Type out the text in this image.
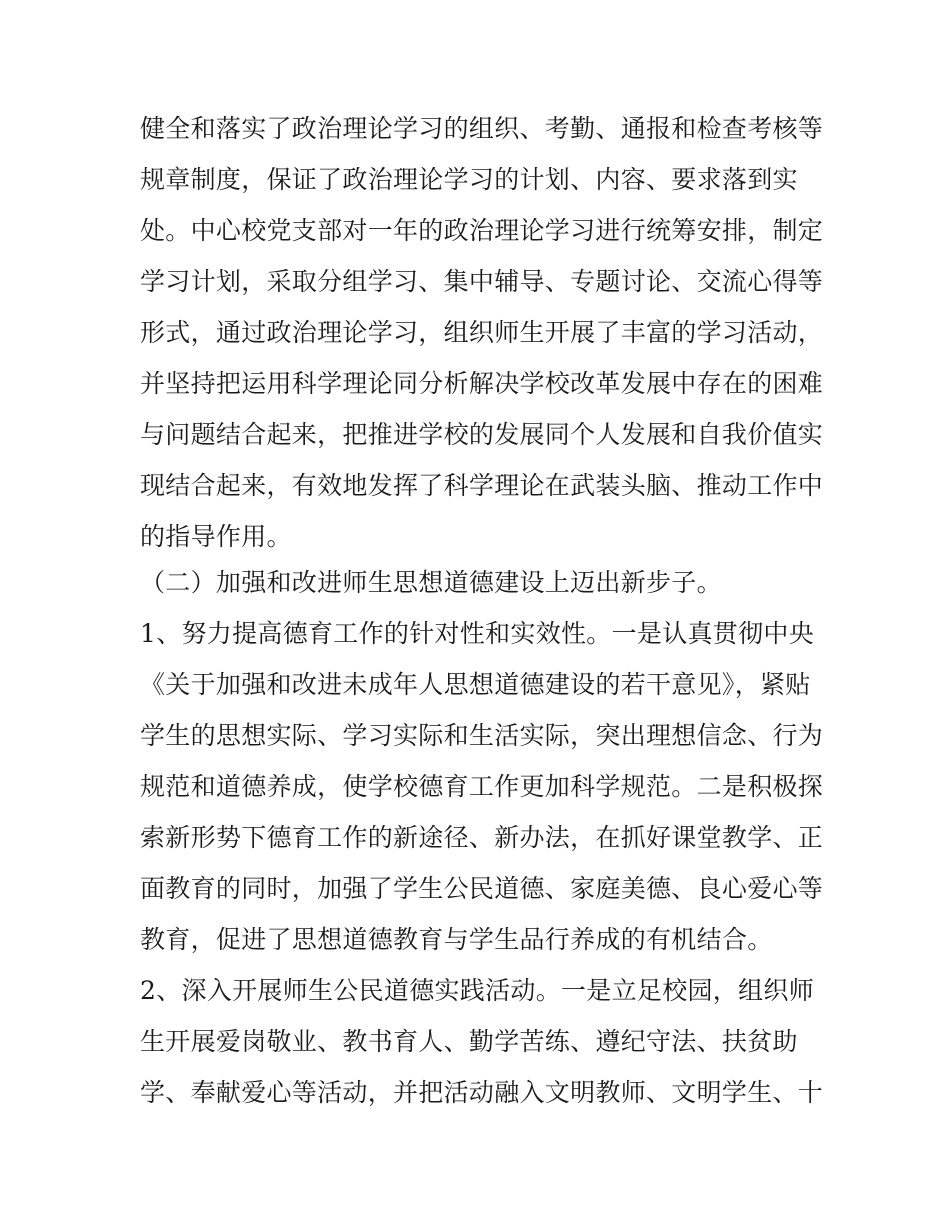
健全和落实了政治理论学习的组织、考勤、通报和检查考核等
规章制度，保证了政治理论学习的计划、内容、要求落到实
处。中心校党支部对一年的政治理论学习进行统筹安排，制定
学习计划，采取分组学习、集中辅导、专题讨论、交流心得等
形式，通过政治理论学习，组织师生开展了丰富的学习活动，
并坚持把运用科学理论同分析解决学校改革发展中存在的困难
与问题结合起来，把推进学校的发展同个人发展和自我价值实
现结合起来，有效地发挥了科学理论在武装头脑、推动工作中
的指导作用。
（二）加强和改进师生思想道德建设上迈出新步子。
1、努力提高德育工作的针对性和实效性。一是认真贯彻中央
《关于加强和改进未成年人思想道德建设的若干意见》，紧贴
学生的思想实际、学习实际和生活实际，突出理想信念、行为
规范和道德养成，使学校德育工作更加科学规范。二是积极探
索新形势下德育工作的新途径、新办法，在抓好课堂教学、正
面教育的同时，加强了学生公民道德、家庭美德、良心爱心等
教育，促进了思想道德教育与学生品行养成的有机结合。
2、深入开展师生公民道德实践活动。一是立足校园，组织师
生开展爱岗敬业、教书育人、勤学苦练、遵纪守法、扶贫助
学、奉献爱心等活动，并把活动融入文明教师、文明学生、十
